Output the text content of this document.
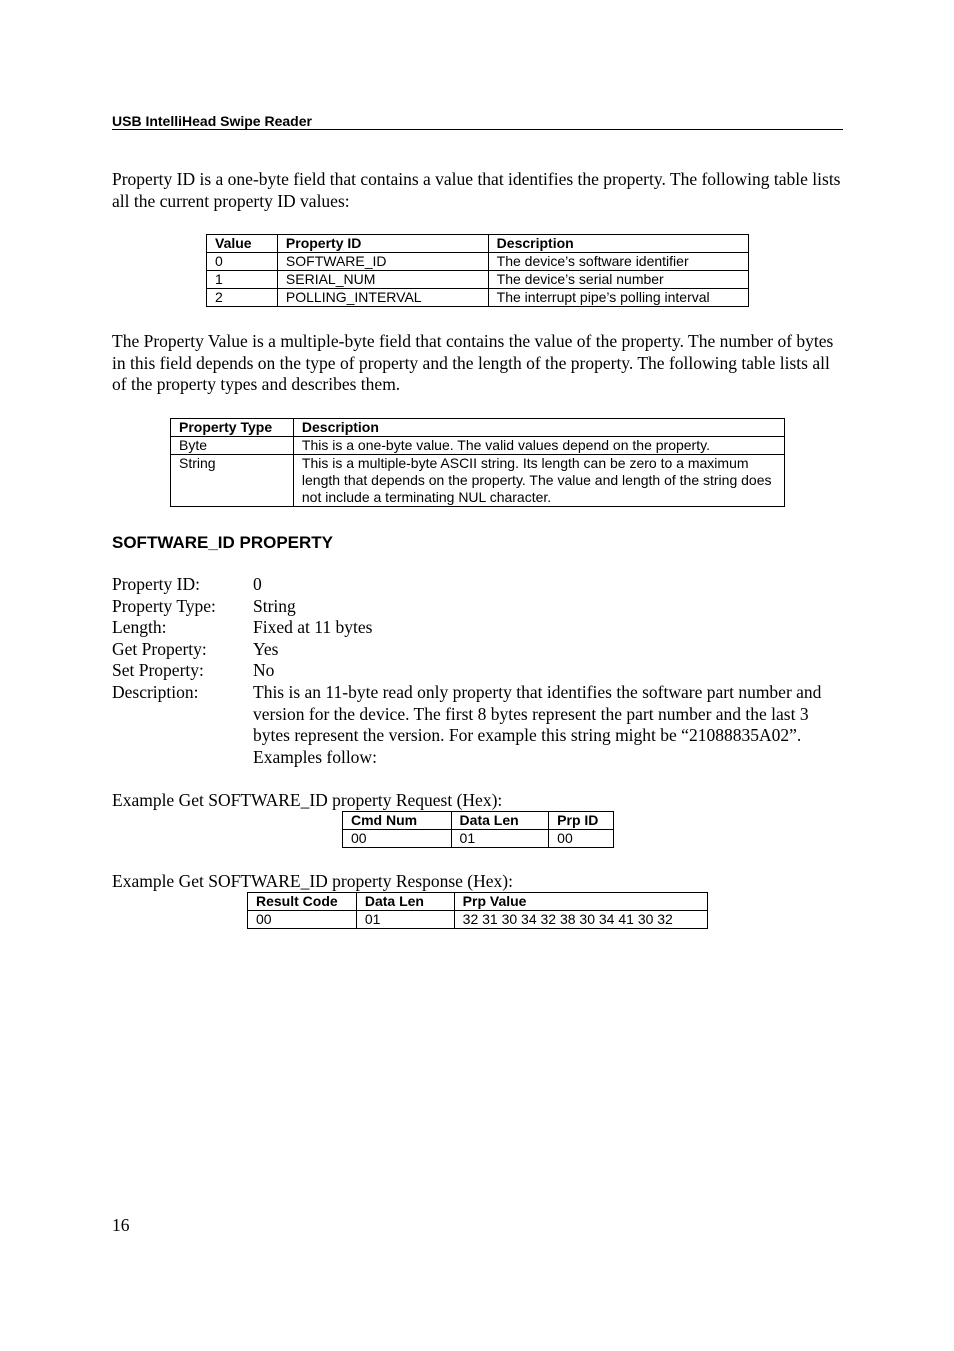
USB IntelliHead Swipe Reader
Property ID is a one-byte field that contains a value that identifies the property. The following table lists all the current property ID values:
Value	Property ID	Description
0	SOFTWARE_ID	The device’s software identifier
1	SERIAL_NUM	The device’s serial number
2	POLLING_INTERVAL	The interrupt pipe’s polling interval
The Property Value is a multiple-byte field that contains the value of the property. The number of bytes in this field depends on the type of property and the length of the property. The following table lists all of the property types and describes them.
Property Type	Description
Byte	This is a one-byte value. The valid values depend on the property.
String	This is a multiple-byte ASCII string. Its length can be zero to a maximum length that depends on the property. The value and length of the string does not include a terminating NUL character.
SOFTWARE_ID PROPERTY
Property ID:	0
Property Type:	String
Length:	Fixed at 11 bytes
Get Property:	Yes
Set Property:	No
Description:	This is an 11-byte read only property that identifies the software part number and version for the device. The first 8 bytes represent the part number and the last 3 bytes represent the version. For example this string might be “21088835A02”. Examples follow:
Example Get SOFTWARE_ID property Request (Hex):
Cmd Num	Data Len	Prp ID
00	01	00
Example Get SOFTWARE_ID property Response (Hex):
Result Code	Data Len	Prp Value
00	01	32 31 30 34 32 38 30 34 41 30 32
16
